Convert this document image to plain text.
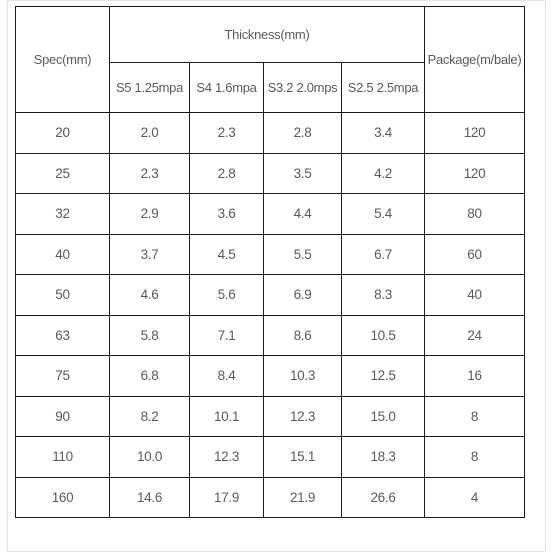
Spec(mm)	Thickness(mm)				Package(m/bale)
	S5 1.25mpa	S4 1.6mpa	S3.2 2.0mps	S2.5 2.5mpa	
20	2.0	2.3	2.8	3.4	120
25	2.3	2.8	3.5	4.2	120
32	2.9	3.6	4.4	5.4	80
40	3.7	4.5	5.5	6.7	60
50	4.6	5.6	6.9	8.3	40
63	5.8	7.1	8.6	10.5	24
75	6.8	8.4	10.3	12.5	16
90	8.2	10.1	12.3	15.0	8
110	10.0	12.3	15.1	18.3	8
160	14.6	17.9	21.9	26.6	4
